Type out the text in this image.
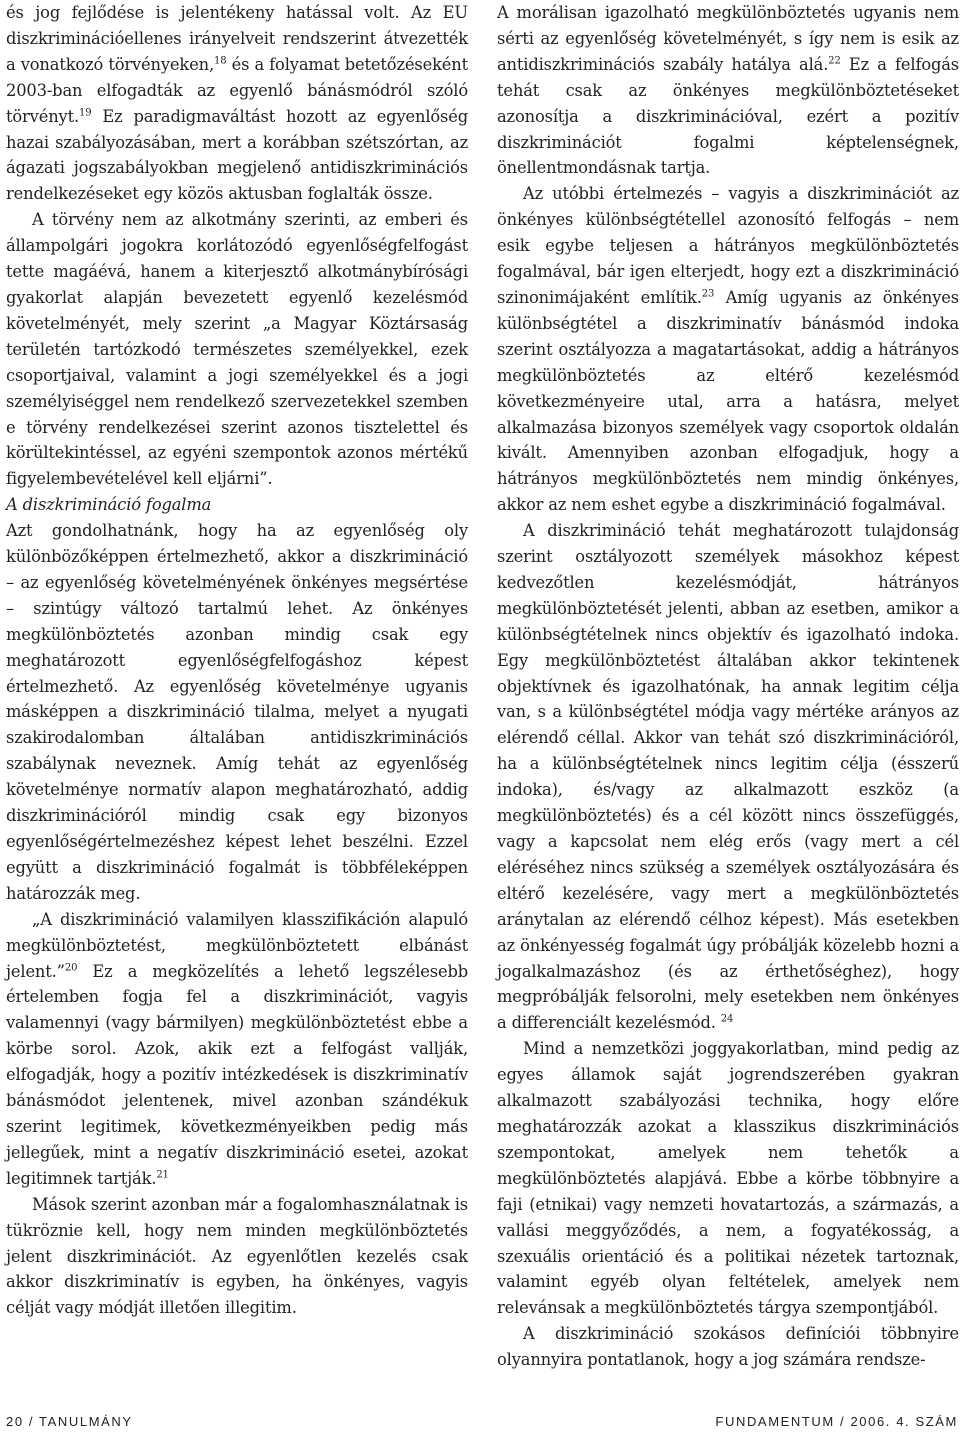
és jog fejlődése is jelentékeny hatással volt. Az EU diszkriminációellenes irányelveit rendszerint átvezették a vonatkozó törvényeken,$^{18}$ és a folyamat betetőzéseként 2003-ban elfogadták az egyenlő bánásmódról szóló törvényt.$^{19}$ Ez paradigmaváltást hozott az egyenlőség hazai szabályozásában, mert a korábban szétszórtan, az ágazati jogszabályokban megjelenő antidiszkriminációs rendelkezéseket egy közös aktusban foglalták össze.

A törvény nem az alkotmány szerinti, az emberi és állampolgári jogokra korlátozódó egyenlőségfelfogást tette magáévá, hanem a kiterjesztő alkotmánybírósági gyakorlat alapján bevezetett egyenlő kezelésmód követelményét, mely szerint „a Magyar Köztársaság területén tartózkodó természetes személyekkel, ezek csoportjaival, valamint a jogi személyekkel és a jogi személyiséggel nem rendelkező szervezetekkel szemben e törvény rendelkezései szerint azonos tisztelettel és körültekintéssel, az egyéni szempontok azonos mértékű figyelembevételével kell eljárni”.

A diszkrimináció fogalma

Azt gondolhatnánk, hogy ha az egyenlőség oly különbözőképpen értelmezhető, akkor a diszkrimináció – az egyenlőség követelményének önkényes megsértése – szintúgy változó tartalmú lehet. Az önkényes megkülönböztetés azonban mindig csak egy meghatározott egyenlőségfelfogáshoz képest értelmezhető. Az egyenlőség követelménye ugyanis másképpen a diszkrimináció tilalma, melyet a nyugati szakirodalomban általában antidiszkriminációs szabálynak neveznek. Amíg tehát az egyenlőség követelménye normatív alapon meghatározható, addig diszkriminációról mindig csak egy bizonyos egyenlőségértelmezéshez képest lehet beszélni. Ezzel együtt a diszkrimináció fogalmát is többféleképpen határozzák meg.

„A diszkrimináció valamilyen klasszifikáción alapuló megkülönböztetést, megkülönböztetett elbánást jelent.”$^{20}$ Ez a megközelítés a lehető legszélesebb értelemben fogja fel a diszkriminációt, vagyis valamennyi (vagy bármilyen) megkülönböztetést ebbe a körbe sorol. Azok, akik ezt a felfogást vallják, elfogadják, hogy a pozitív intézkedések is diszkriminatív bánásmódot jelentenek, mivel azonban szándékuk szerint legitimek, következményeikben pedig más jellegűek, mint a negatív diszkrimináció esetei, azokat legitimnek tartják.$^{21}$

Mások szerint azonban már a fogalomhasználatnak is tükröznie kell, hogy nem minden megkülönböztetés jelent diszkriminációt. Az egyenlőtlen kezelés csak akkor diszkriminatív is egyben, ha önkényes, vagyis célját vagy módját illetően illegitim.

A morálisan igazolható megkülönböztetés ugyanis nem sérti az egyenlőség követelményét, s így nem is esik az antidiszkriminációs szabály hatálya alá.$^{22}$ Ez a felfogás tehát csak az önkényes megkülönböztetéseket azonosítja a diszkriminációval, ezért a pozitív diszkriminációt fogalmi képtelenségnek, önellentmondásnak tartja.

Az utóbbi értelmezés – vagyis a diszkriminációt az önkényes különbségtétellel azonosító felfogás – nem esik egybe teljesen a hátrányos megkülönböztetés fogalmával, bár igen elterjedt, hogy ezt a diszkrimináció szinonimájaként említik.$^{23}$ Amíg ugyanis az önkényes különbségtétel a diszkriminatív bánásmód indoka szerint osztályozza a magatartásokat, addig a hátrányos megkülönböztetés az eltérő kezelésmód következményeire utal, arra a hatásra, melyet alkalmazása bizonyos személyek vagy csoportok oldalán kivált. Amennyiben azonban elfogadjuk, hogy a hátrányos megkülönböztetés nem mindig önkényes, akkor az nem eshet egybe a diszkrimináció fogalmával.

A diszkrimináció tehát meghatározott tulajdonság szerint osztályozott személyek másokhoz képest kedvezőtlen kezelésmódját, hátrányos megkülönböztetését jelenti, abban az esetben, amikor a különbségtételnek nincs objektív és igazolható indoka. Egy megkülönböztetést általában akkor tekintenek objektívnek és igazolhatónak, ha annak legitim célja van, s a különbségtétel módja vagy mértéke arányos az elérendő céllal. Akkor van tehát szó diszkriminációról, ha a különbségtételnek nincs legitim célja (ésszerű indoka), és/vagy az alkalmazott eszköz (a megkülönböztetés) és a cél között nincs összefüggés, vagy a kapcsolat nem elég erős (vagy mert a cél eléréséhez nincs szükség a személyek osztályozására és eltérő kezelésére, vagy mert a megkülönböztetés aránytalan az elérendő célhoz képest). Más esetekben az önkényesség fogalmát úgy próbálják közelebb hozni a jogalkalmazáshoz (és az érthetőséghez), hogy megpróbálják felsorolni, mely esetekben nem önkényes a differenciált kezelésmód. $^{24}$

Mind a nemzetközi joggyakorlatban, mind pedig az egyes államok saját jogrendszerében gyakran alkalmazott szabályozási technika, hogy előre meghatározzák azokat a klasszikus diszkriminációs szempontokat, amelyek nem tehetők a megkülönböztetés alapjává. Ebbe a körbe többnyire a faji (etnikai) vagy nemzeti hovatartozás, a származás, a vallási meggyőződés, a nem, a fogyatékosság, a szexuális orientáció és a politikai nézetek tartoznak, valamint egyéb olyan feltételek, amelyek nem relevánsak a megkülönböztetés tárgya szempontjából.

A diszkrimináció szokásos definíciói többnyire olyannyira pontatlanok, hogy a jog számára rendsze-

20 / TANULMÁNY	FUNDAMENTUM / 2006. 4. SZÁM
